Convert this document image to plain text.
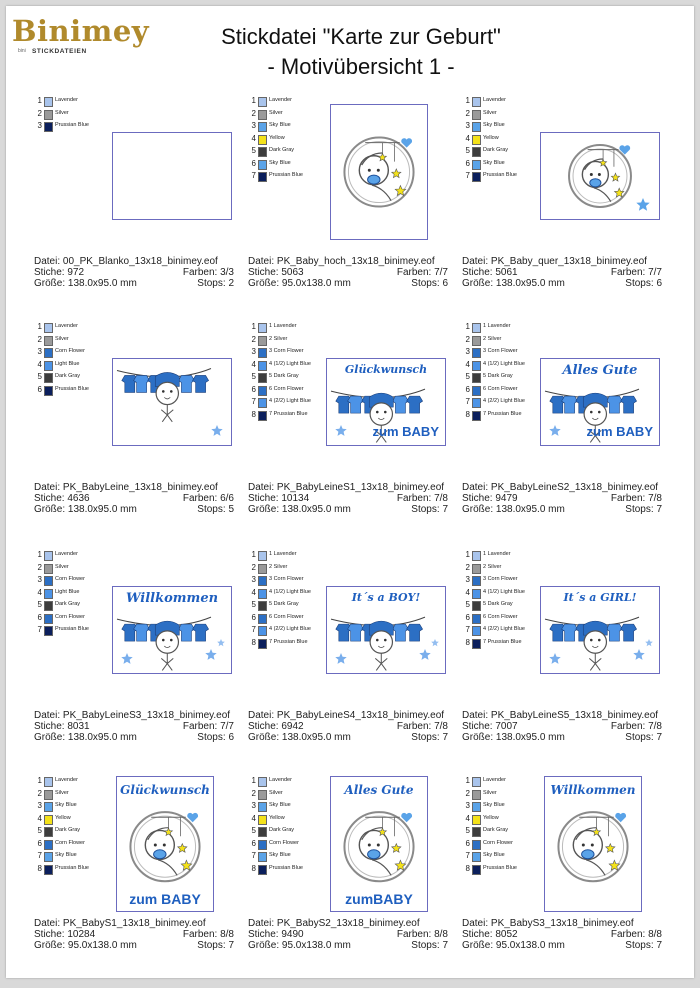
Binimey
bini STICKDATEIEN
Stickdatei "Karte zur Geburt"
- Motivübersicht 1 -
1 Lavender
2 Silver
3 Prussian Blue
Datei: 00_PK_Blanko_13x18_binimey.eof
Stiche: 972	Farben: 3/3
Größe: 138.0x95.0 mm	Stops: 2
1 Lavender
2 Silver
3 Sky Blue
4 Yellow
5 Dark Gray
6 Sky Blue
7 Prussian Blue
Datei: PK_Baby_hoch_13x18_binimey.eof
Stiche: 5063	Farben: 7/7
Größe: 95.0x138.0 mm	Stops: 6
1 Lavender
2 Silver
3 Sky Blue
4 Yellow
5 Dark Gray
6 Sky Blue
7 Prussian Blue
Datei: PK_Baby_quer_13x18_binimey.eof
Stiche: 5061	Farben: 7/7
Größe: 138.0x95.0 mm	Stops: 6
1 Lavender
2 Silver
3 Corn Flower
4 Light Blue
5 Dark Gray
6 Prussian Blue
Datei: PK_BabyLeine_13x18_binimey.eof
Stiche: 4636	Farben: 6/6
Größe: 138.0x95.0 mm	Stops: 5
1 1 Lavender
2 2 Silver
3 3 Corn Flower
4 4 (1/2) Light Blue
5 5 Dark Gray
6 6 Corn Flower
7 4 (2/2) Light Blue
8 7 Prussian Blue
Glückwunsch
zum BABY
Datei: PK_BabyLeineS1_13x18_binimey.eof
Stiche: 10134	Farben: 7/8
Größe: 138.0x95.0 mm	Stops: 7
1 1 Lavender
2 2 Silver
3 3 Corn Flower
4 4 (1/2) Light Blue
5 5 Dark Gray
6 6 Corn Flower
7 4 (2/2) Light Blue
8 7 Prussian Blue
Alles Gute
zum BABY
Datei: PK_BabyLeineS2_13x18_binimey.eof
Stiche: 9479	Farben: 7/8
Größe: 138.0x95.0 mm	Stops: 7
1 Lavender
2 Silver
3 Corn Flower
4 Light Blue
5 Dark Gray
6 Corn Flower
7 Prussian Blue
Willkommen
Datei: PK_BabyLeineS3_13x18_binimey.eof
Stiche: 8031	Farben: 7/7
Größe: 138.0x95.0 mm	Stops: 6
1 1 Lavender
2 2 Silver
3 3 Corn Flower
4 4 (1/2) Light Blue
5 5 Dark Gray
6 6 Corn Flower
7 4 (2/2) Light Blue
8 7 Prussian Blue
It´s a BOY!
Datei: PK_BabyLeineS4_13x18_binimey.eof
Stiche: 6942	Farben: 7/8
Größe: 138.0x95.0 mm	Stops: 7
1 1 Lavender
2 2 Silver
3 3 Corn Flower
4 4 (1/2) Light Blue
5 5 Dark Gray
6 6 Corn Flower
7 4 (2/2) Light Blue
8 7 Prussian Blue
It´s a GIRL!
Datei: PK_BabyLeineS5_13x18_binimey.eof
Stiche: 7007	Farben: 7/8
Größe: 138.0x95.0 mm	Stops: 7
1 Lavender
2 Silver
3 Sky Blue
4 Yellow
5 Dark Gray
6 Corn Flower
7 Sky Blue
8 Prussian Blue
Glückwunsch
zum BABY
Datei: PK_BabyS1_13x18_binimey.eof
Stiche: 10284	Farben: 8/8
Größe: 95.0x138.0 mm	Stops: 7
1 Lavender
2 Silver
3 Sky Blue
4 Yellow
5 Dark Gray
6 Corn Flower
7 Sky Blue
8 Prussian Blue
Alles Gute
zumBABY
Datei: PK_BabyS2_13x18_binimey.eof
Stiche: 9490	Farben: 8/8
Größe: 95.0x138.0 mm	Stops: 7
1 Lavender
2 Silver
3 Sky Blue
4 Yellow
5 Dark Gray
6 Corn Flower
7 Sky Blue
8 Prussian Blue
Willkommen
Datei: PK_BabyS3_13x18_binimey.eof
Stiche: 8052	Farben: 8/8
Größe: 95.0x138.0 mm	Stops: 7
